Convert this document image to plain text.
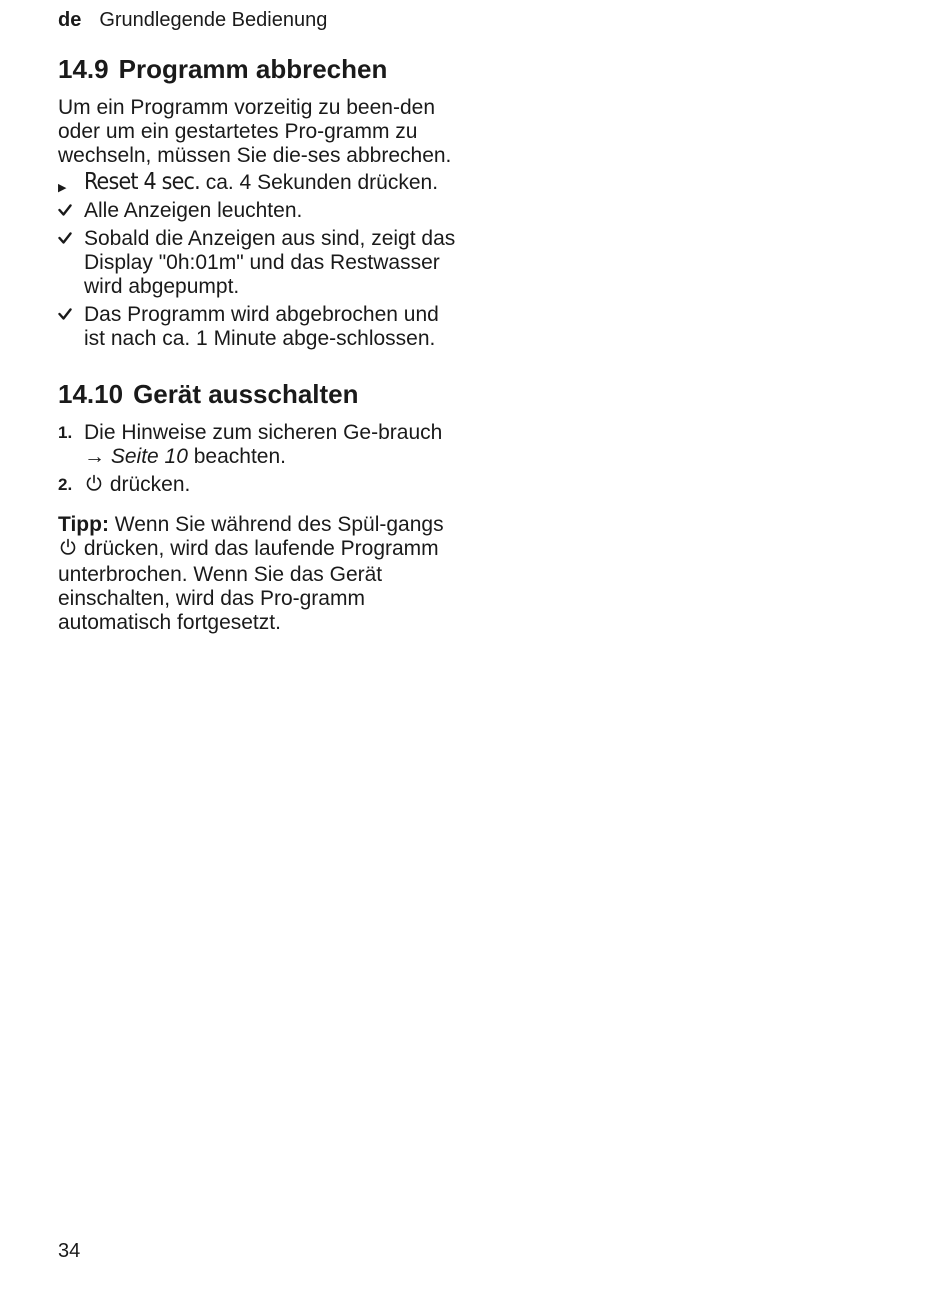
de Grundlegende Bedienung
14.9 Programm abbrechen

Um ein Programm vorzeitig zu been-den oder um ein gestartetes Pro-gramm zu wechseln, müssen Sie die-ses abbrechen.

▶ Reset 4 sec. ca. 4 Sekunden drücken.
Alle Anzeigen leuchten.
Sobald die Anzeigen aus sind, zeigt das Display "0h:01m" und das Restwasser wird abgepumpt.
Das Programm wird abgebrochen und ist nach ca. 1 Minute abge-schlossen.
14.10 Gerät ausschalten
1. Die Hinweise zum sicheren Ge-brauch → Seite 10 beachten.
2. drücken.

Tipp: Wenn Sie während des Spül-gangs  drücken, wird das laufende Programm unterbrochen. Wenn Sie das Gerät einschalten, wird das Pro-gramm automatisch fortgesetzt.

34
